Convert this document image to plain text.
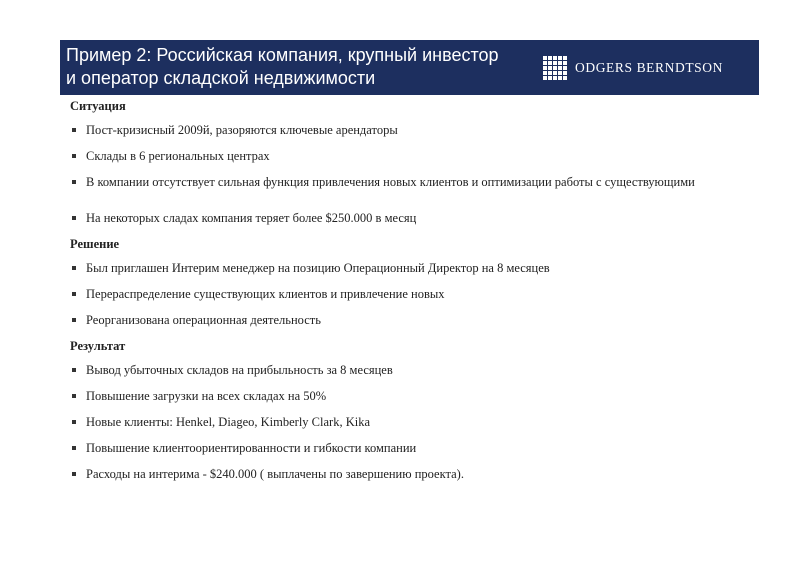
Пример 2: Российская компания, крупный инвестор
и оператор складской недвижимости
ODGERS BERNDTSON

Ситуация

Пост-кризисный 2009й, разоряются ключевые арендаторы
Склады в 6 региональных центрах
В компании отсутствует сильная функция привлечения новых клиентов и оптимизации работы с существующими
На некоторых сладах компания теряет более $250.000 в месяц

Решение

Был приглашен Интерим менеджер на позицию Операционный Директор на 8 месяцев
Перераспределение существующих клиентов и привлечение новых
Реорганизована операционная деятельность

Результат

Вывод убыточных складов на прибыльность за 8 месяцев
Повышение загрузки на всех складах на 50%
Новые клиенты: Henkel, Diageo, Kimberly Clark, Kika
Повышение клиентоориентированности и гибкости компании
Расходы на интерима - $240.000 ( выплачены по завершению проекта).
